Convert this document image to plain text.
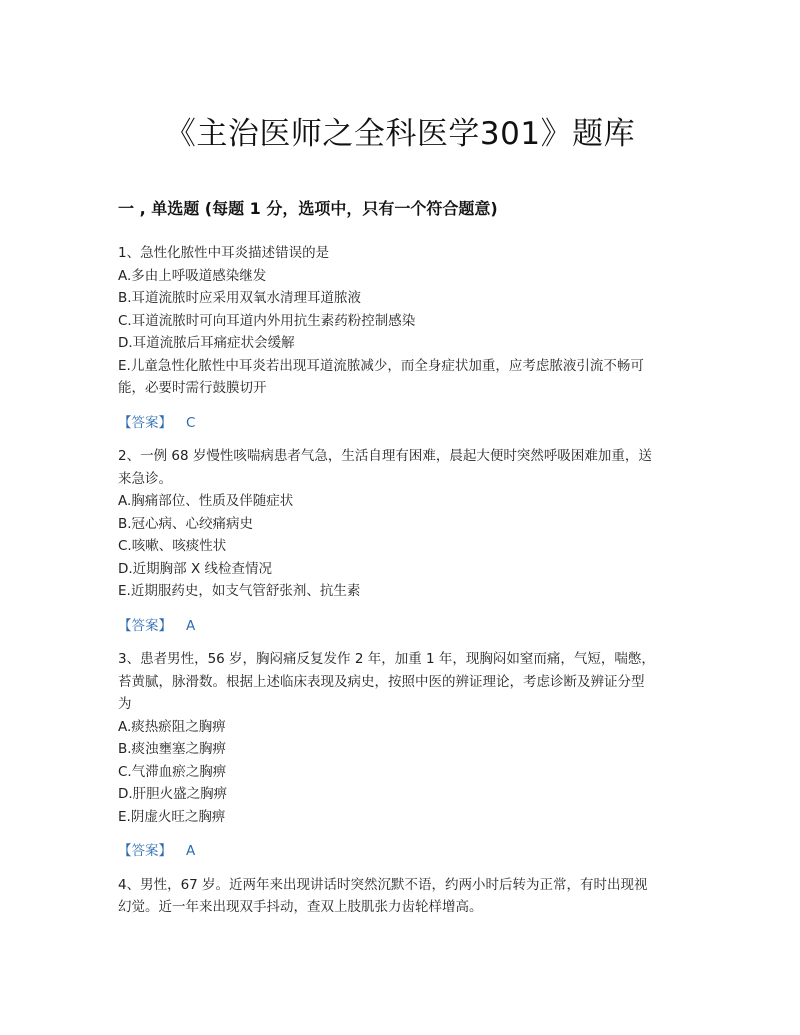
《主治医师之全科医学301》题库
一 , 单选题 (每题 1 分，选项中，只有一个符合题意)
1、急性化脓性中耳炎描述错误的是
A.多由上呼吸道感染继发
B.耳道流脓时应采用双氧水清理耳道脓液
C.耳道流脓时可向耳道内外用抗生素药粉控制感染
D.耳道流脓后耳痛症状会缓解
E.儿童急性化脓性中耳炎若出现耳道流脓减少，而全身症状加重，应考虑脓液引流不畅可
能，必要时需行鼓膜切开
【答案】 C
2、一例 68 岁慢性咳喘病患者气急，生活自理有困难，晨起大便时突然呼吸困难加重，送
来急诊。
A.胸痛部位、性质及伴随症状
B.冠心病、心绞痛病史
C.咳嗽、咳痰性状
D.近期胸部 X 线检查情况
E.近期服药史，如支气管舒张剂、抗生素
【答案】 A
3、患者男性，56 岁，胸闷痛反复发作 2 年，加重 1 年，现胸闷如窒而痛，气短，喘憋，
苔黄腻，脉滑数。根据上述临床表现及病史，按照中医的辨证理论，考虑诊断及辨证分型
为
A.痰热瘀阻之胸痹
B.痰浊壅塞之胸痹
C.气滞血瘀之胸痹
D.肝胆火盛之胸痹
E.阴虚火旺之胸痹
【答案】 A
4、男性，67 岁。近两年来出现讲话时突然沉默不语，约两小时后转为正常，有时出现视
幻觉。近一年来出现双手抖动，查双上肢肌张力齿轮样增高。
